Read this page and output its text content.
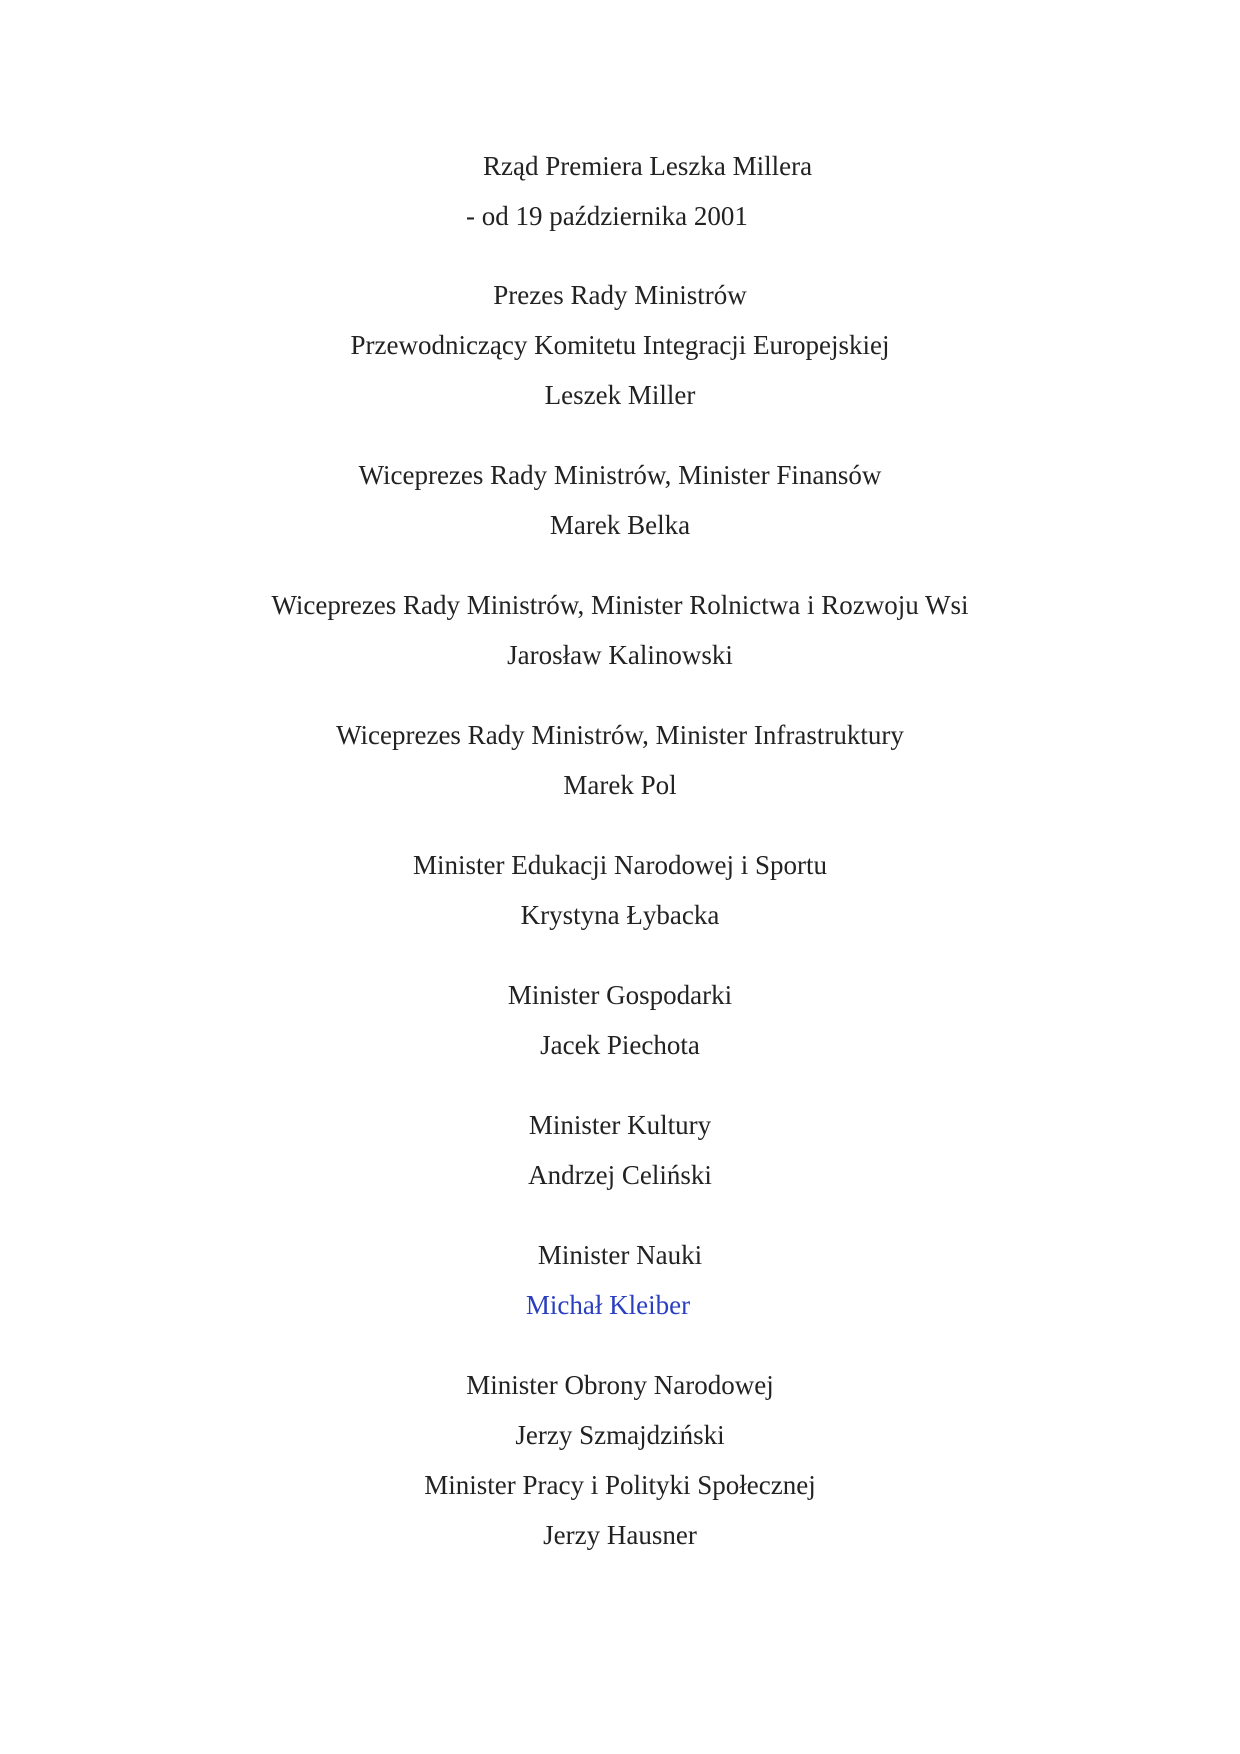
Rząd Premiera Leszka Millera

- od 19 października 2001

Prezes Rady Ministrów

Przewodniczący Komitetu Integracji Europejskiej

Leszek Miller

Wiceprezes Rady Ministrów, Minister Finansów

Marek Belka

Wiceprezes Rady Ministrów, Minister Rolnictwa i Rozwoju Wsi

Jarosław Kalinowski

Wiceprezes Rady Ministrów, Minister Infrastruktury

Marek Pol

Minister Edukacji Narodowej i Sportu

Krystyna Łybacka

Minister Gospodarki

Jacek Piechota

Minister Kultury

Andrzej Celiński

Minister Nauki

Michał Kleiber

Minister Obrony Narodowej

Jerzy Szmajdziński

Minister Pracy i Polityki Społecznej

Jerzy Hausner
